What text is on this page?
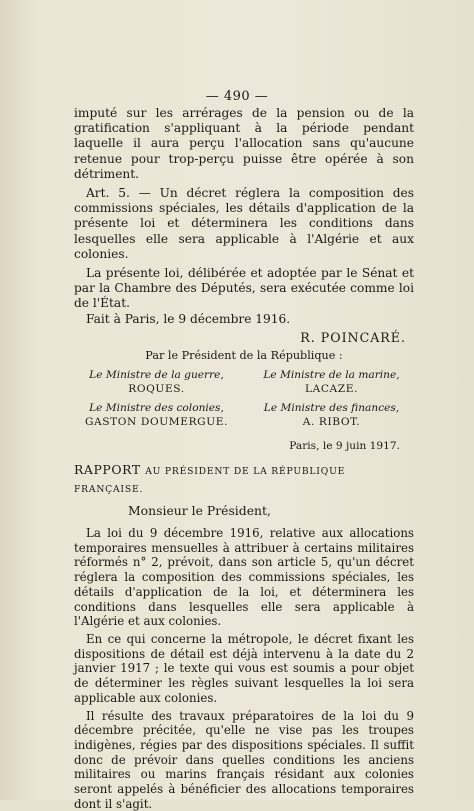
— 490 —

imputé sur les arrérages de la pension ou de la gratification s'appliquant à la période pendant laquelle il aura perçu l'allocation sans qu'aucune retenue pour trop-perçu puisse être opérée à son détriment.

Art. 5. — Un décret réglera la composition des commissions spéciales, les détails d'application de la présente loi et déterminera les conditions dans lesquelles elle sera applicable à l'Algérie et aux colonies.

La présente loi, délibérée et adoptée par le Sénat et par la Chambre des Députés, sera exécutée comme loi de l'État.

Fait à Paris, le 9 décembre 1916.

R. POINCARÉ.
Par le Président de la République :
Le Ministre de la guerre,
ROQUES.
Le Ministre de la marine,
LACAZE.
Le Ministre des colonies,
GASTON DOUMERGUE.
Le Ministre des finances,
A. RIBOT.
Paris, le 9 juin 1917.
RAPPORT AU PRÉSIDENT DE LA RÉPUBLIQUE FRANÇAISE.
Monsieur le Président,

La loi du 9 décembre 1916, relative aux allocations temporaires mensuelles à attribuer à certains militaires réformés n° 2, prévoit, dans son article 5, qu'un décret réglera la composition des commissions spéciales, les détails d'application de la loi, et déterminera les conditions dans lesquelles elle sera applicable à l'Algérie et aux colonies.

En ce qui concerne la métropole, le décret fixant les dispositions de détail est déjà intervenu à la date du 2 janvier 1917 ; le texte qui vous est soumis a pour objet de déterminer les règles suivant lesquelles la loi sera applicable aux colonies.

Il résulte des travaux préparatoires de la loi du 9 décembre précitée, qu'elle ne vise pas les troupes indigènes, régies par des dispositions spéciales. Il suffit donc de prévoir dans quelles conditions les anciens militaires ou marins français résidant aux colonies seront appelés à bénéficier des allocations temporaires dont il s'agit.
